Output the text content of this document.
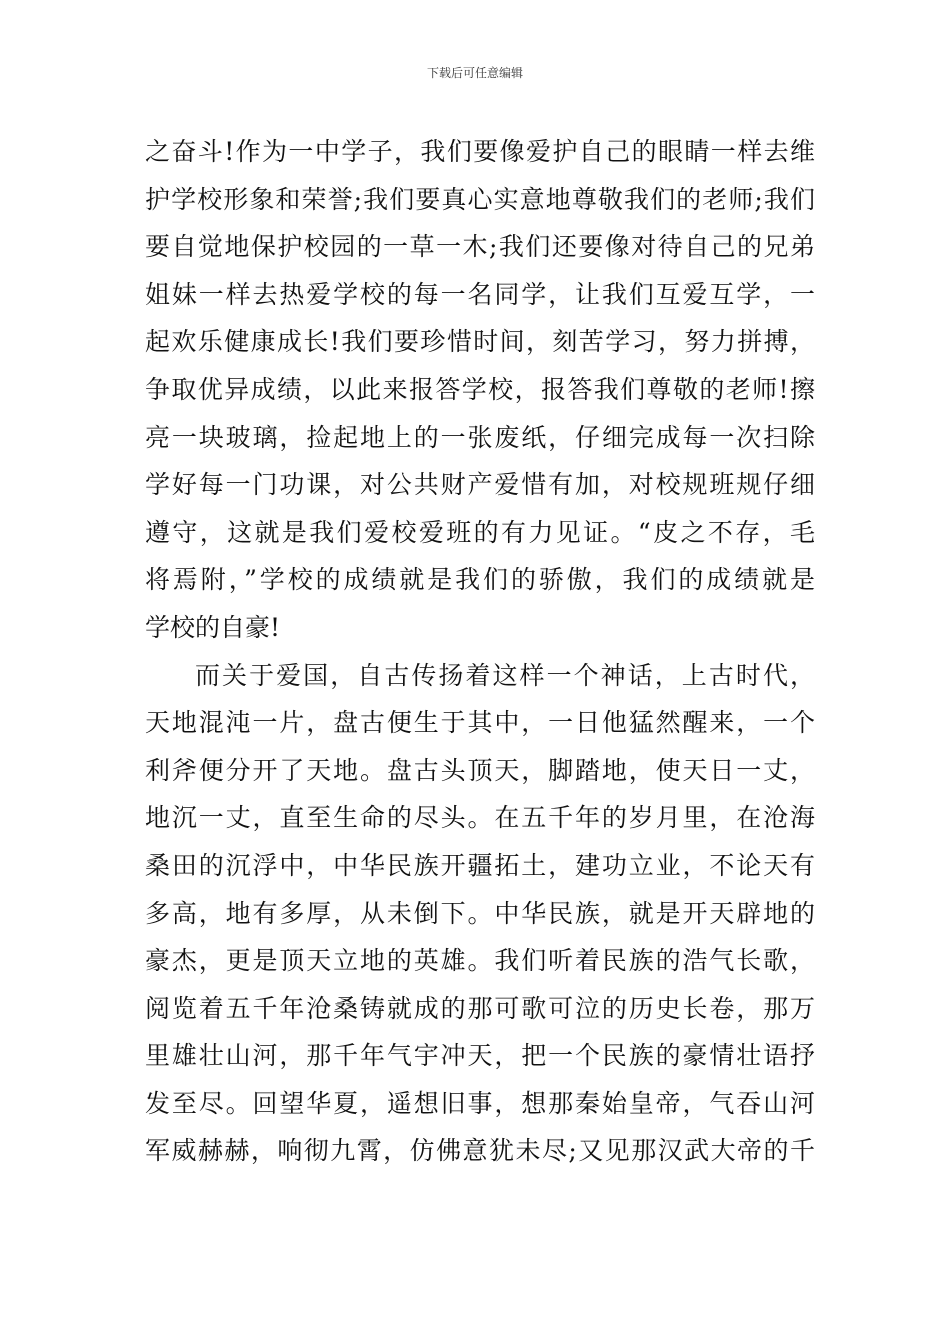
下载后可任意编辑
之奋斗!作为一中学子，我们要像爱护自己的眼睛一样去维
护学校形象和荣誉;我们要真心实意地尊敬我们的老师;我们
要自觉地保护校园的一草一木;我们还要像对待自己的兄弟
姐妹一样去热爱学校的每一名同学，让我们互爱互学，一
起欢乐健康成长!我们要珍惜时间，刻苦学习，努力拼搏，
争取优异成绩，以此来报答学校，报答我们尊敬的老师!擦
亮一块玻璃，捡起地上的一张废纸，仔细完成每一次扫除
学好每一门功课，对公共财产爱惜有加，对校规班规仔细
遵守，这就是我们爱校爱班的有力见证。“皮之不存，毛
将焉附，”学校的成绩就是我们的骄傲，我们的成绩就是
学校的自豪!
而关于爱国，自古传扬着这样一个神话，上古时代，
天地混沌一片，盘古便生于其中，一日他猛然醒来，一个
利斧便分开了天地。盘古头顶天，脚踏地，使天日一丈，
地沉一丈，直至生命的尽头。在五千年的岁月里，在沧海
桑田的沉浮中，中华民族开疆拓土，建功立业，不论天有
多高，地有多厚，从未倒下。中华民族，就是开天辟地的
豪杰，更是顶天立地的英雄。我们听着民族的浩气长歌，
阅览着五千年沧桑铸就成的那可歌可泣的历史长卷，那万
里雄壮山河，那千年气宇冲天，把一个民族的豪情壮语抒
发至尽。回望华夏，遥想旧事，想那秦始皇帝，气吞山河
军威赫赫，响彻九霄，仿佛意犹未尽;又见那汉武大帝的千
